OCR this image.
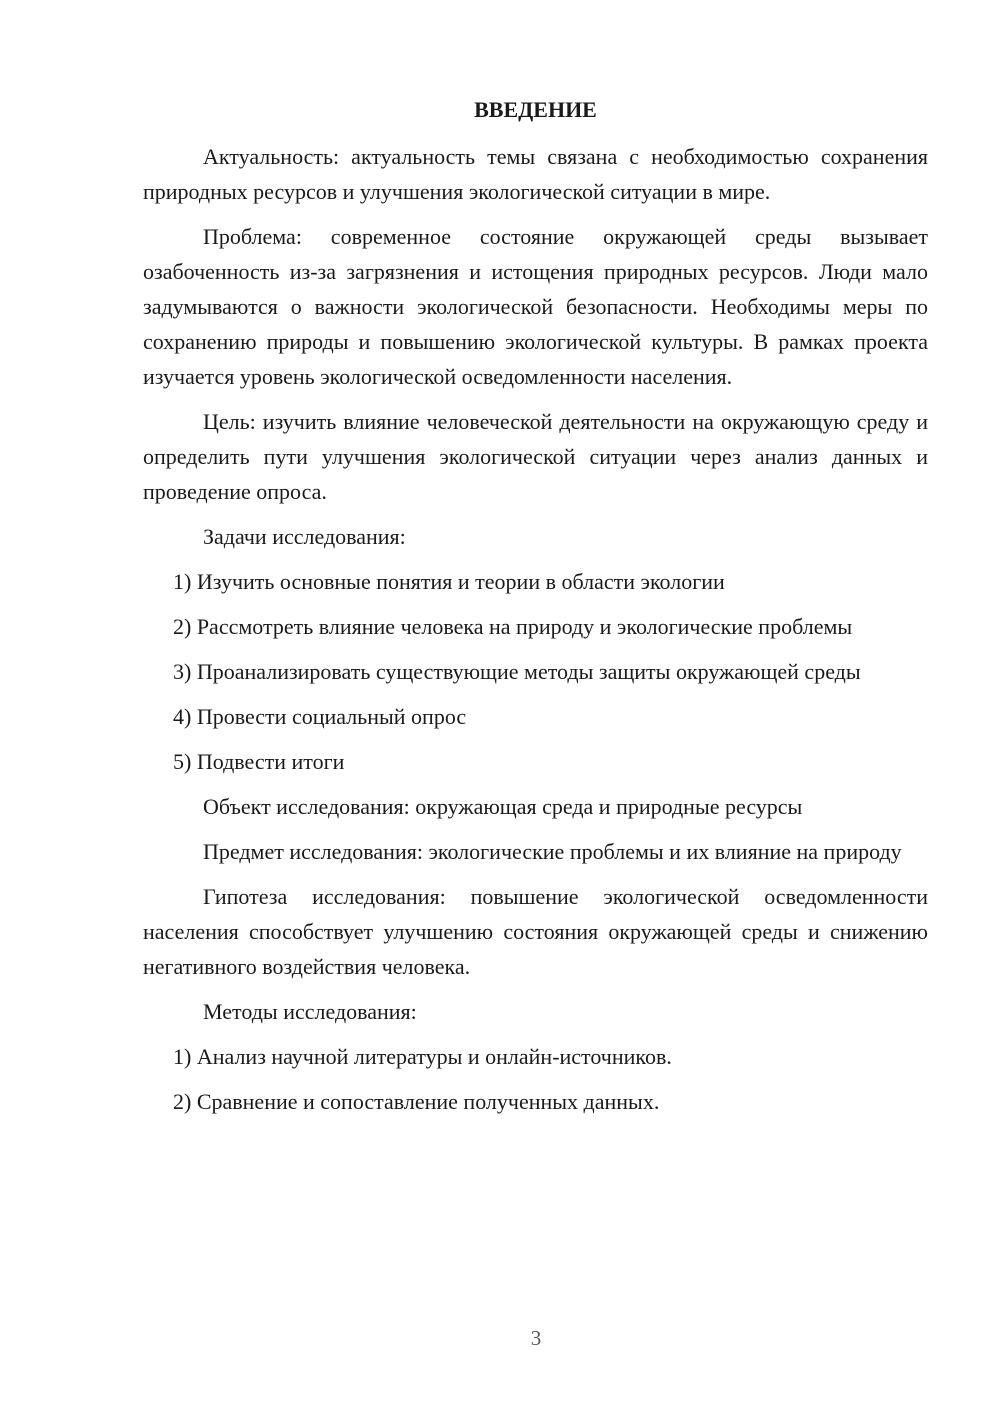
ВВЕДЕНИЕ

Актуальность: актуальность темы связана с необходимостью сохранения природных ресурсов и улучшения экологической ситуации в мире.

Проблема: современное состояние окружающей среды вызывает озабоченность из-за загрязнения и истощения природных ресурсов. Люди мало задумываются о важности экологической безопасности. Необходимы меры по сохранению природы и повышению экологической культуры. В рамках проекта изучается уровень экологической осведомленности населения.

Цель: изучить влияние человеческой деятельности на окружающую среду и определить пути улучшения экологической ситуации через анализ данных и проведение опроса.

Задачи исследования:

1) Изучить основные понятия и теории в области экологии

2) Рассмотреть влияние человека на природу и экологические проблемы

3) Проанализировать существующие методы защиты окружающей среды

4) Провести социальный опрос

5) Подвести итоги

Объект исследования: окружающая среда и природные ресурсы

Предмет исследования: экологические проблемы и их влияние на природу

Гипотеза исследования: повышение экологической осведомленности населения способствует улучшению состояния окружающей среды и снижению негативного воздействия человека.

Методы исследования:

1) Анализ научной литературы и онлайн-источников.

2) Сравнение и сопоставление полученных данных.

3
